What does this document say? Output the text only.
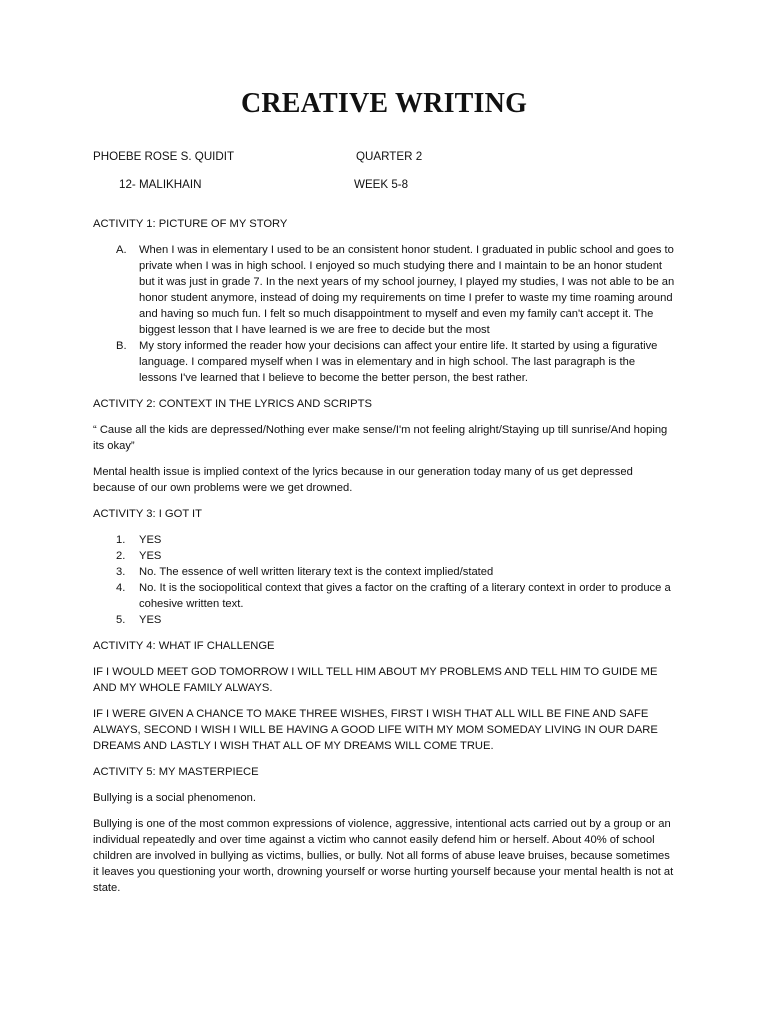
CREATIVE WRITING
PHOEBE ROSE S. QUIDIT	QUARTER 2
12- MALIKHAIN	WEEK 5-8

ACTIVITY 1: PICTURE OF MY STORY

A. When I was in elementary I used to be an consistent honor student. I graduated in public school and goes to private when I was in high school. I enjoyed so much studying there and I maintain to be an honor student but it was just in grade 7. In the next years of my school journey, I played my studies, I was not able to be an honor student anymore, instead of doing my requirements on time I prefer to waste my time roaming around and having so much fun. I felt so much disappointment to myself and even my family can't accept it. The biggest lesson that I have learned is we are free to decide but the most
B. My story informed the reader how your decisions can affect your entire life. It started by using a figurative language. I compared myself when I was in elementary and in high school. The last paragraph is the lessons I've learned that I believe to become the better person, the best rather.

ACTIVITY 2: CONTEXT IN THE LYRICS AND SCRIPTS

“ Cause all the kids are depressed/Nothing ever make sense/I'm not feeling alright/Staying up till sunrise/And hoping its okay”

Mental health issue is implied context of the lyrics because in our generation today many of us get depressed because of our own problems were we get drowned.

ACTIVITY 3: I GOT IT

1. YES
2. YES
3. No. The essence of well written literary text is the context implied/stated
4. No. It is the sociopolitical context that gives a factor on the crafting of a literary context in order to produce a cohesive written text.
5. YES

ACTIVITY 4: WHAT IF CHALLENGE

IF I WOULD MEET GOD TOMORROW I WILL TELL HIM ABOUT MY PROBLEMS AND TELL HIM TO GUIDE ME AND MY WHOLE FAMILY ALWAYS.

IF I WERE GIVEN A CHANCE TO MAKE THREE WISHES, FIRST I WISH THAT ALL WILL BE FINE AND SAFE ALWAYS, SECOND I WISH I WILL BE HAVING A GOOD LIFE WITH MY MOM SOMEDAY LIVING IN OUR DARE DREAMS AND LASTLY I WISH THAT ALL OF MY DREAMS WILL COME TRUE.

ACTIVITY 5: MY MASTERPIECE

Bullying is a social phenomenon.

Bullying is one of the most common expressions of violence, aggressive, intentional acts carried out by a group or an individual repeatedly and over time against a victim who cannot easily defend him or herself. About 40% of school children are involved in bullying as victims, bullies, or bully. Not all forms of abuse leave bruises, because sometimes it leaves you questioning your worth, drowning yourself or worse hurting yourself because your mental health is not at state.
